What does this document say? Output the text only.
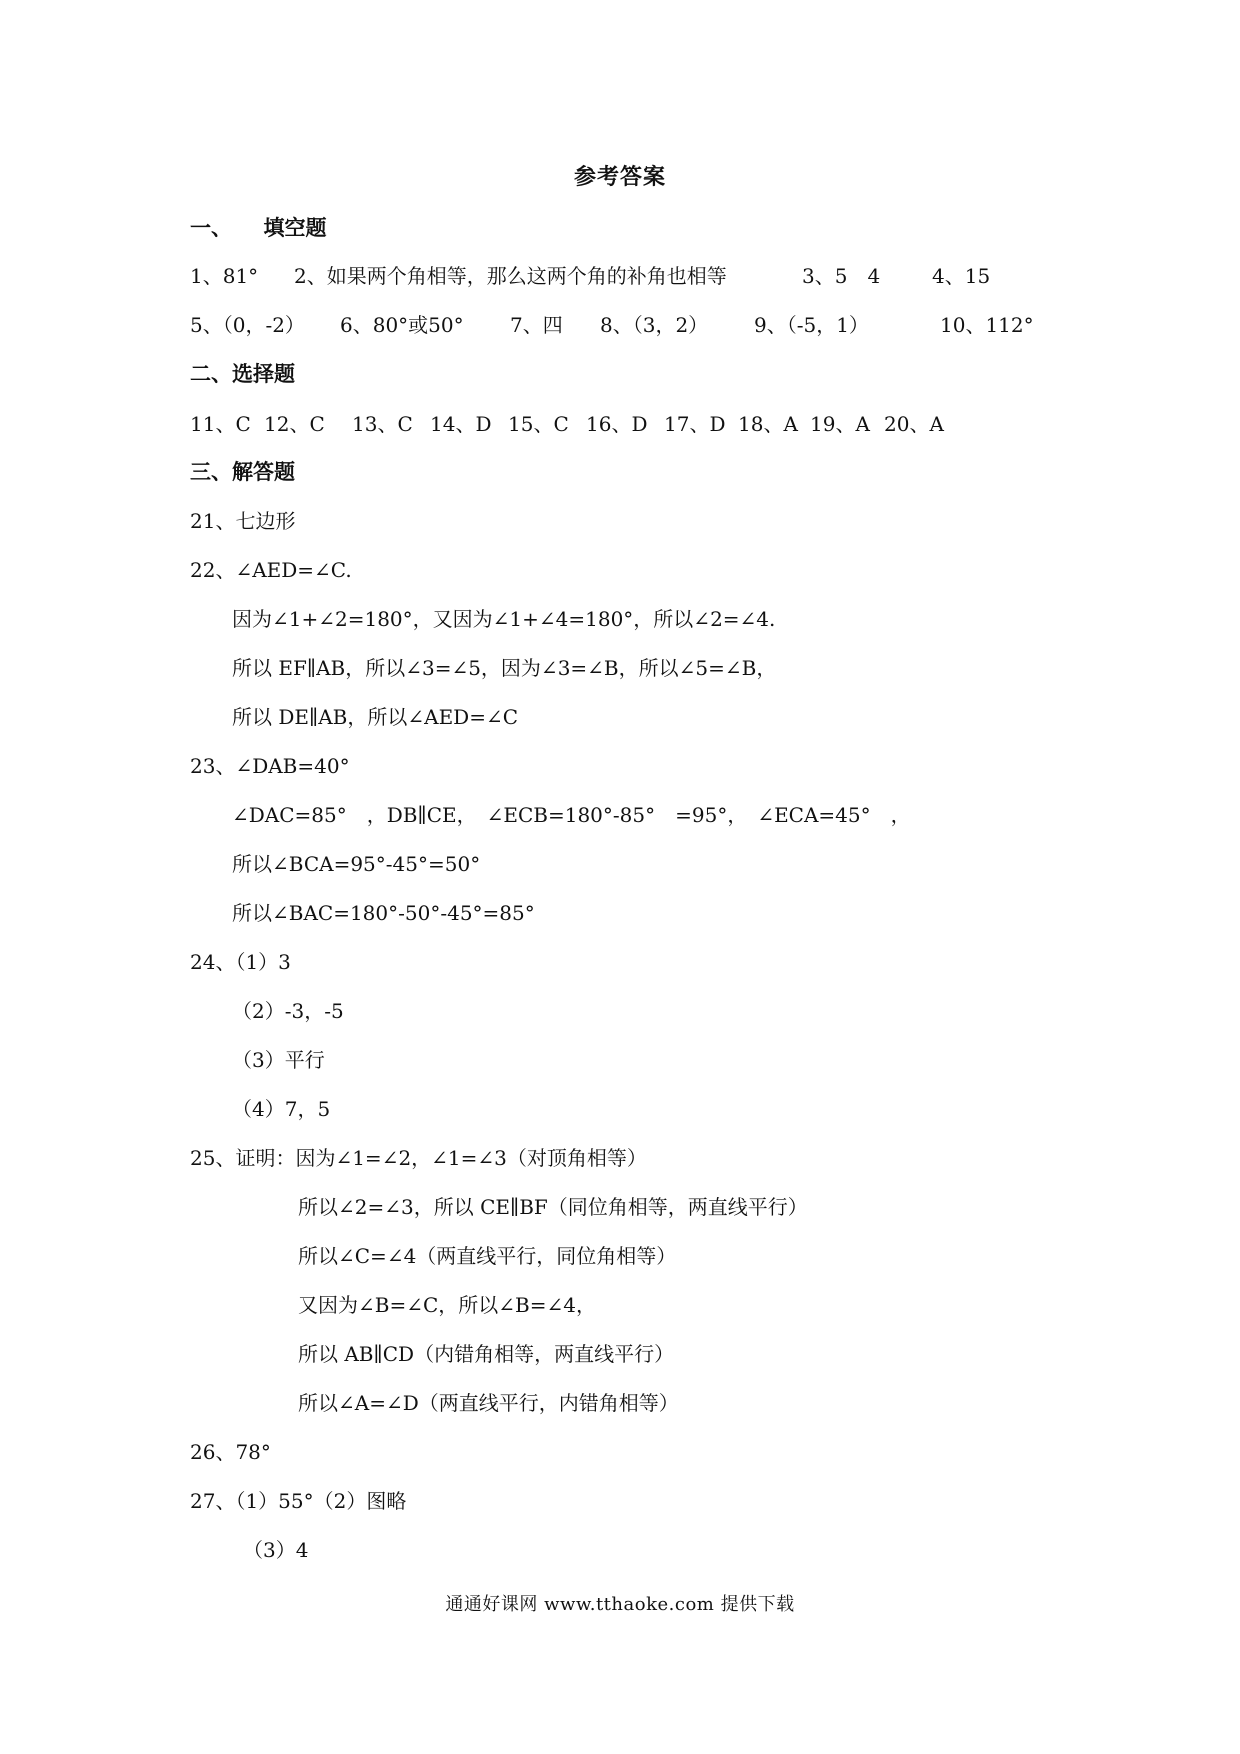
参考答案
一、　　填空题
1、81° 2、如果两个角相等，那么这两个角的补角也相等	3、5　4	4、15
5、（0，-2） 6、80°或50° 7、四 8、（3，2） 9、（-5，1）	10、112°
二、选择题
11、C 12、C 13、C 14、D 15、C 16、D 17、D 18、A 19、A 20、A
三、解答题
21、七边形
22、∠AED=∠C.
因为∠1+∠2=180°，又因为∠1+∠4=180°，所以∠2=∠4.
所以 EF∥AB，所以∠3=∠5，因为∠3=∠B，所以∠5=∠B，
所以 DE∥AB，所以∠AED=∠C
23、∠DAB=40°
∠DAC=85°　，DB∥CE，　∠ECB=180°-85°　=95°，　∠ECA=45°　，
所以∠BCA=95°-45°=50°
所以∠BAC=180°-50°-45°=85°
24、（1）3
（2）-3，-5
（3）平行
（4）7，5
25、证明：因为∠1=∠2，∠1=∠3（对顶角相等）
所以∠2=∠3，所以 CE∥BF（同位角相等，两直线平行）
所以∠C=∠4（两直线平行，同位角相等）
又因为∠B=∠C，所以∠B=∠4，
所以 AB∥CD（内错角相等，两直线平行）
所以∠A=∠D（两直线平行，内错角相等）
26、78°
27、（1）55°（2）图略
（3）4
通通好课网 www.tthaoke.com 提供下载
